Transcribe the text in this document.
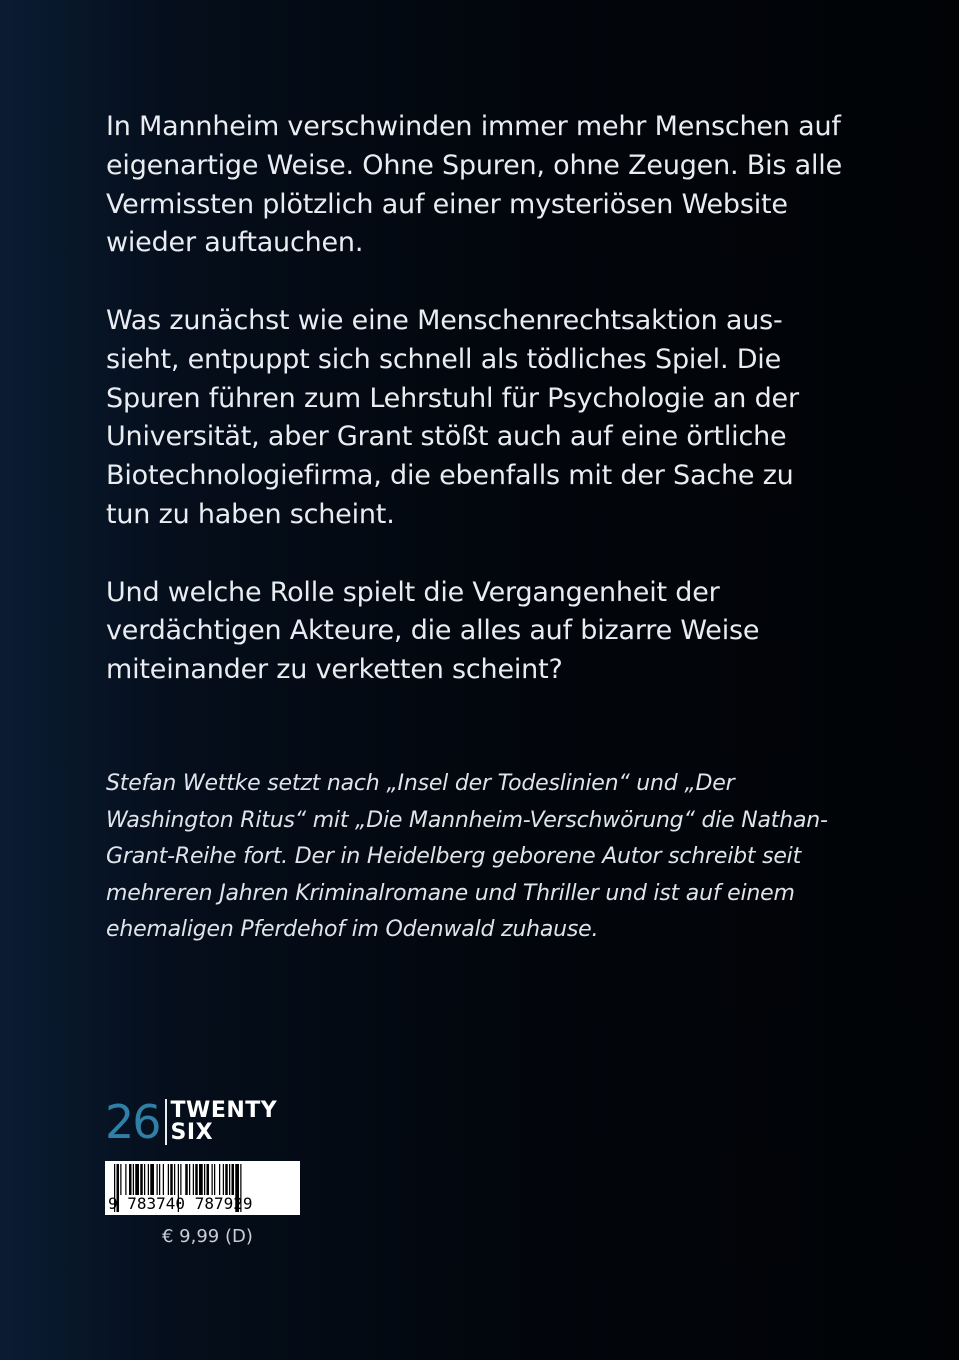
In Mannheim verschwinden immer mehr Menschen auf eigenartige Weise. Ohne Spuren, ohne Zeugen. Bis alle Vermissten plötzlich auf einer mysteriösen Website wieder auftauchen.

Was zunächst wie eine Menschenrechtsaktion aussieht, entpuppt sich schnell als tödliches Spiel. Die Spuren führen zum Lehrstuhl für Psychologie an der Universität, aber Grant stößt auch auf eine örtliche Biotechnologiefirma, die ebenfalls mit der Sache zu tun zu haben scheint.

Und welche Rolle spielt die Vergangenheit der verdächtigen Akteure, die alles auf bizarre Weise miteinander zu verketten scheint?

Stefan Wettke setzt nach „Insel der Todeslinien“ und „Der Washington Ritus“ mit „Die Mannheim-Verschwörung“ die Nathan-Grant-Reihe fort. Der in Heidelberg geborene Autor schreibt seit mehreren Jahren Kriminalromane und Thriller und ist auf einem ehemaligen Pferdehof im Odenwald zuhause.

26 TWENTY
SIX
9 783740 787929
€ 9,99 (D)
